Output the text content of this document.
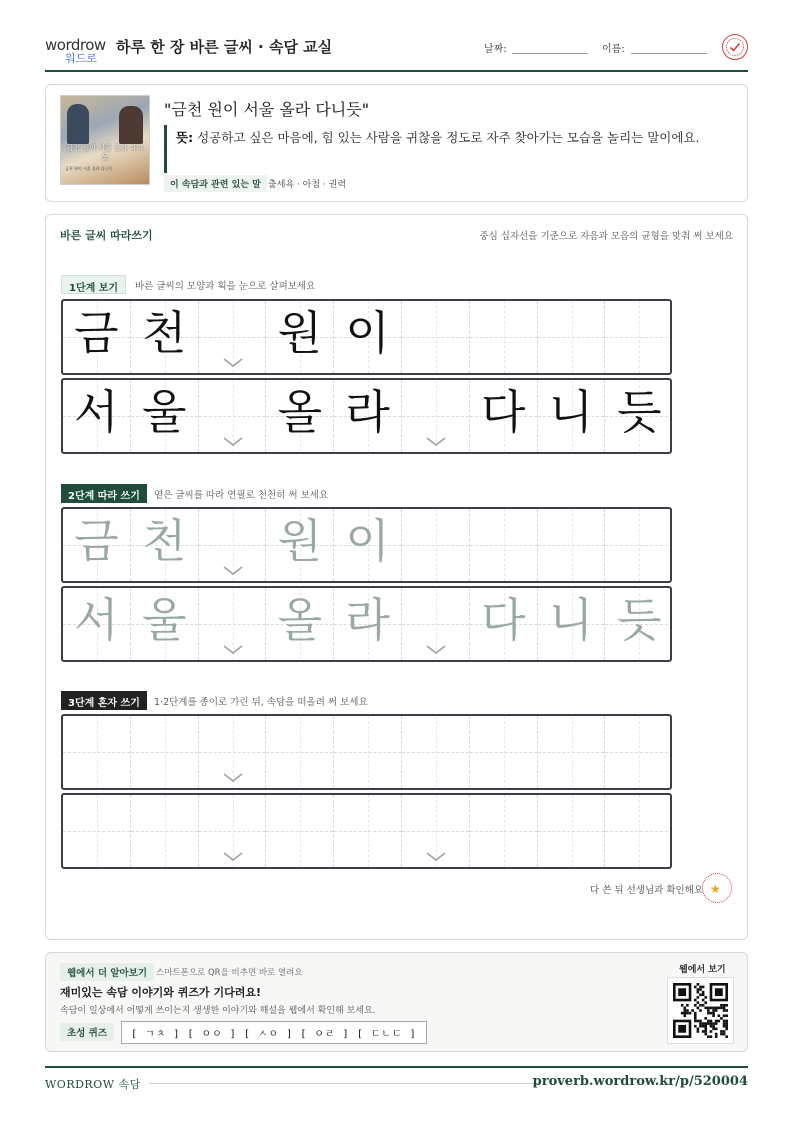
wordrow
워드로
하루 한 장 바른 글씨 · 속담 교실	날짜:	이름:
금천 원이 서울 올라 다니듯
금천 원이 서울 올라 다니듯
"금천 원이 서울 올라 다니듯"
뜻: 성공하고 싶은 마음에, 힘 있는 사람을 귀찮을 정도로 자주 찾아가는 모습을 놀리는 말이에요.
이 속담과 관련 있는 말 출세욕 · 아첨 · 권력
바른 글씨 따라쓰기	중심 십자선을 기준으로 자음과 모음의 균형을 맞춰 써 보세요
1단계 보기	바른 글씨의 모양과 획을 눈으로 살펴보세요
금 천 원 이
서 울 올 라 다 니 듯
2단계 따라 쓰기	옅은 글씨를 따라 연필로 천천히 써 보세요
금 천 원 이
서 울 올 라 다 니 듯
3단계 혼자 쓰기	1·2단계를 종이로 가린 뒤, 속담을 떠올려 써 보세요
다 쓴 뒤 선생님과 확인해요 ★
웹에서 더 알아보기	스마트폰으로 QR을 비추면 바로 열려요
재미있는 속담 이야기와 퀴즈가 기다려요!
속담이 일상에서 어떻게 쓰이는지 생생한 이야기와 해설을 웹에서 확인해 보세요.
초성 퀴즈	[ ㄱㅊ ] [ ㅇㅇ ] [ ㅅㅇ ] [ ㅇㄹ ] [ ㄷㄴㄷ ]
웹에서 보기
WORDROW 속담	proverb.wordrow.kr/p/520004
